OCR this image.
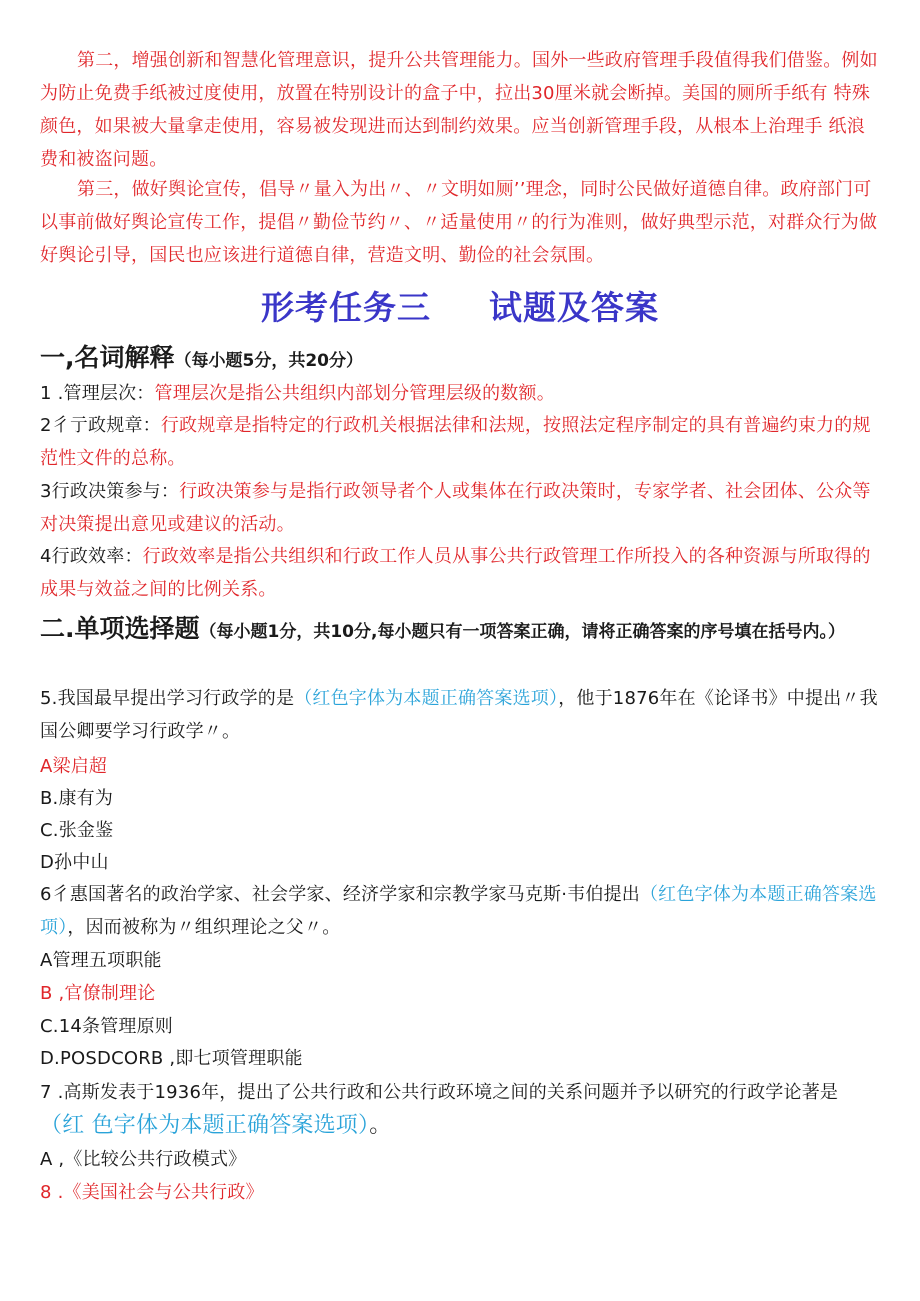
第二，增强创新和智慧化管理意识，提升公共管理能力。国外一些政府管理手段值得我们借鉴。例如为防止免费手纸被过度使用，放置在特别设计的盒子中，拉出30厘米就会断掉。美国的厕所手纸有 特殊颜色，如果被大量拿走使用，容易被发现进而达到制约效果。应当创新管理手段，从根本上治理手 纸浪费和被盗问题。

第三，做好舆论宣传，倡导〃量入为出〃、〃文明如厕’’理念，同时公民做好道德自律。政府部门可以事前做好舆论宣传工作，提倡〃勤俭节约〃、〃适量使用〃的行为准则，做好典型示范，对群众行为做好舆论引导，国民也应该进行道德自律，营造文明、勤俭的社会氛围。

形考任务三 试题及答案
一,名词解释（每小题5分，共20分）

1 .管理层次：管理层次是指公共组织内部划分管理层级的数额。

2彳亍政规章：行政规章是指特定的行政机关根据法律和法规，按照法定程序制定的具有普遍约束力的规 范性文件的总称。

3行政决策参与：行政决策参与是指行政领导者个人或集体在行政决策时，专家学者、社会团体、公众等对决策提出意见或建议的活动。

4行政效率：行政效率是指公共组织和行政工作人员从事公共行政管理工作所投入的各种资源与所取得的成果与效益之间的比例关系。

二.单项选择题（每小题1分，共10分,每小题只有一项答案正确，请将正确答案的序号填在括号内。）

5.我国最早提出学习行政学的是（红色字体为本题正确答案选项），他于1876年在《论译书》中提出〃我 国公卿要学习行政学〃。

A梁启超

B.康有为

C.张金鉴

D孙中山

6彳惠国著名的政治学家、社会学家、经济学家和宗教学家马克斯·韦伯提出（红色字体为本题正确答案选 项），因而被称为〃组织理论之父〃。

A管理五项职能

B ,官僚制理论

C.14条管理原则

D.POSDCORB ,即七项管理职能

7 .高斯发表于1936年，提出了公共行政和公共行政环境之间的关系问题并予以研究的行政学论著是（红 色字体为本题正确答案选项）。

A ,《比较公共行政模式》

8 .《美国社会与公共行政》
